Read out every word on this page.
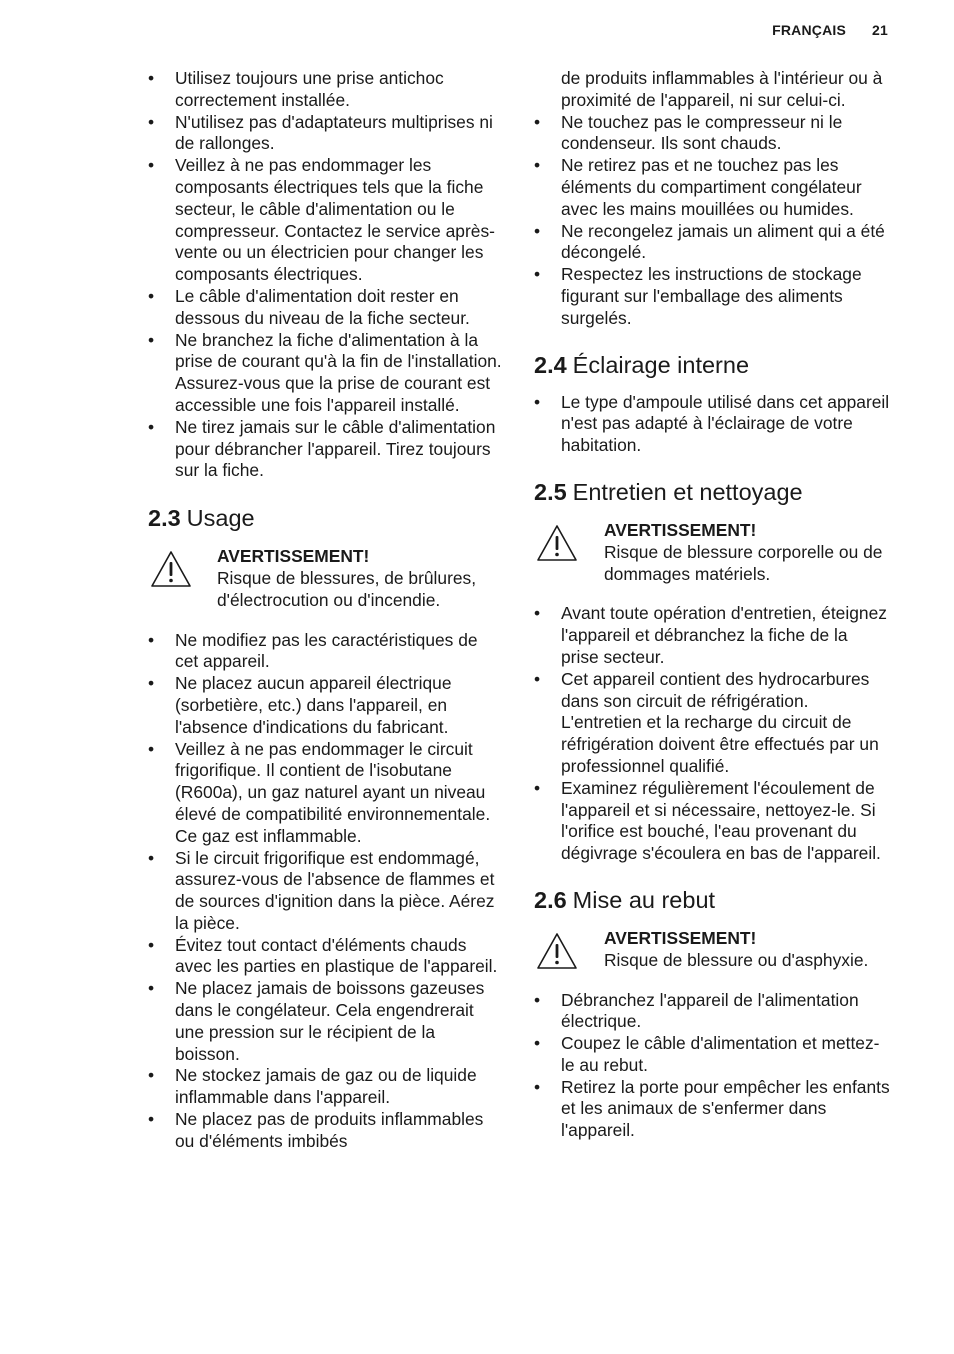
FRANÇAIS 21
• Utilisez toujours une prise antichoc correctement installée.
• N'utilisez pas d'adaptateurs multiprises ni de rallonges.
• Veillez à ne pas endommager les composants électriques tels que la fiche secteur, le câble d'alimentation ou le compresseur. Contactez le service après-vente ou un électricien pour changer les composants électriques.
• Le câble d'alimentation doit rester en dessous du niveau de la fiche secteur.
• Ne branchez la fiche d'alimentation à la prise de courant qu'à la fin de l'installation. Assurez-vous que la prise de courant est accessible une fois l'appareil installé.
• Ne tirez jamais sur le câble d'alimentation pour débrancher l'appareil. Tirez toujours sur la fiche.
2.3 Usage
AVERTISSEMENT!
Risque de blessures, de brûlures, d'électrocution ou d'incendie.
• Ne modifiez pas les caractéristiques de cet appareil.
• Ne placez aucun appareil électrique (sorbetière, etc.) dans l'appareil, en l'absence d'indications du fabricant.
• Veillez à ne pas endommager le circuit frigorifique. Il contient de l'isobutane (R600a), un gaz naturel ayant un niveau élevé de compatibilité environnementale. Ce gaz est inflammable.
• Si le circuit frigorifique est endommagé, assurez-vous de l'absence de flammes et de sources d'ignition dans la pièce. Aérez la pièce.
• Évitez tout contact d'éléments chauds avec les parties en plastique de l'appareil.
• Ne placez jamais de boissons gazeuses dans le congélateur. Cela engendrerait une pression sur le récipient de la boisson.
• Ne stockez jamais de gaz ou de liquide inflammable dans l'appareil.
• Ne placez pas de produits inflammables ou d'éléments imbibés
de produits inflammables à l'intérieur ou à proximité de l'appareil, ni sur celui-ci.
• Ne touchez pas le compresseur ni le condenseur. Ils sont chauds.
• Ne retirez pas et ne touchez pas les éléments du compartiment congélateur avec les mains mouillées ou humides.
• Ne recongelez jamais un aliment qui a été décongelé.
• Respectez les instructions de stockage figurant sur l'emballage des aliments surgelés.
2.4 Éclairage interne
• Le type d'ampoule utilisé dans cet appareil n'est pas adapté à l'éclairage de votre habitation.
2.5 Entretien et nettoyage
AVERTISSEMENT!
Risque de blessure corporelle ou de dommages matériels.
• Avant toute opération d'entretien, éteignez l'appareil et débranchez la fiche de la prise secteur.
• Cet appareil contient des hydrocarbures dans son circuit de réfrigération. L'entretien et la recharge du circuit de réfrigération doivent être effectués par un professionnel qualifié.
• Examinez régulièrement l'écoulement de l'appareil et si nécessaire, nettoyez-le. Si l'orifice est bouché, l'eau provenant du dégivrage s'écoulera en bas de l'appareil.
2.6 Mise au rebut
AVERTISSEMENT!
Risque de blessure ou d'asphyxie.
• Débranchez l'appareil de l'alimentation électrique.
• Coupez le câble d'alimentation et mettez-le au rebut.
• Retirez la porte pour empêcher les enfants et les animaux de s'enfermer dans l'appareil.
